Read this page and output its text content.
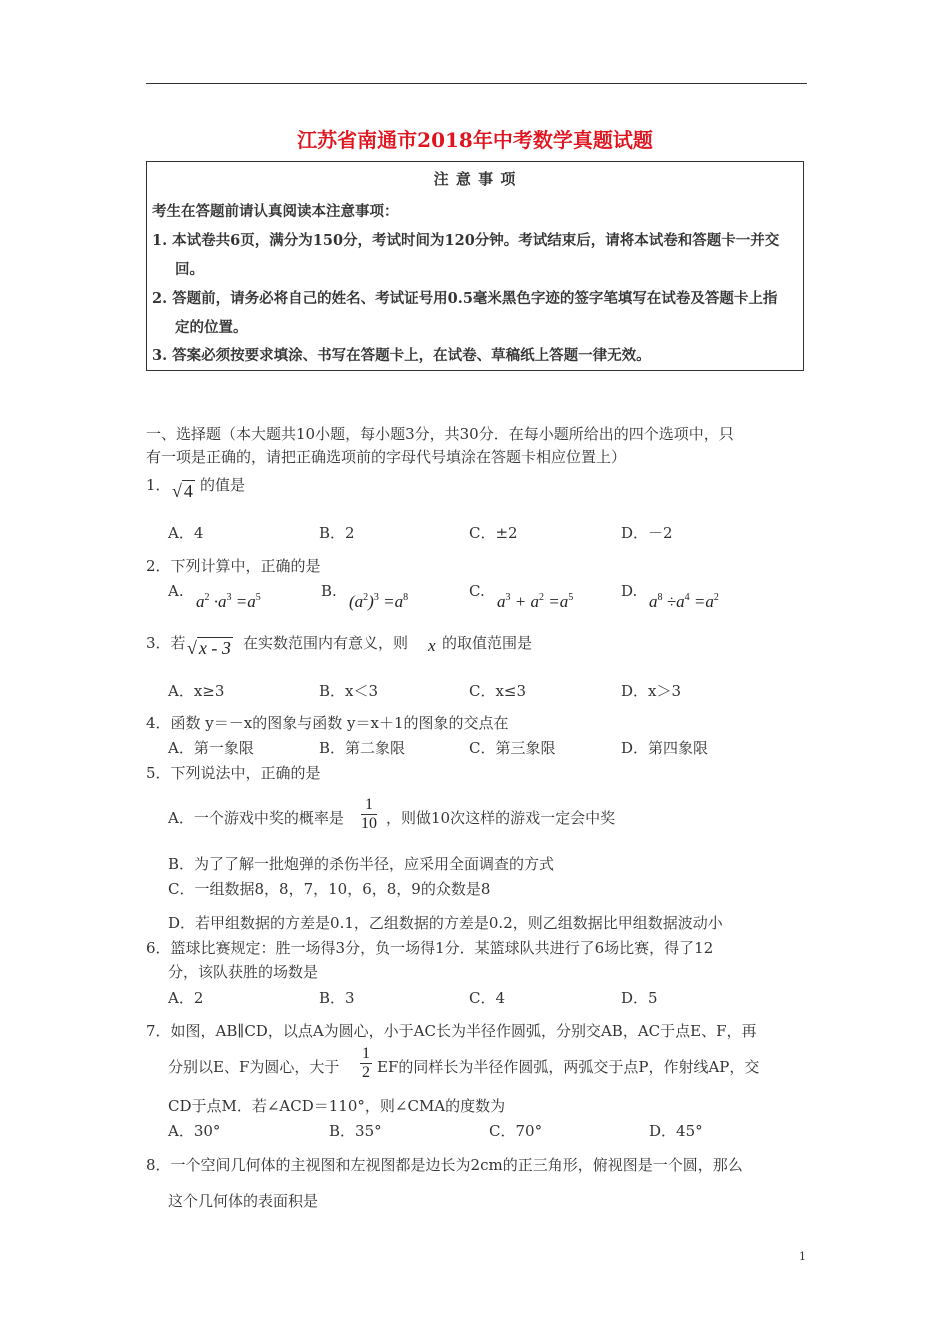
江苏省南通市2018年中考数学真题试题
注 意 事 项
考生在答题前请认真阅读本注意事项：
1. 本试卷共6页，满分为150分，考试时间为120分钟。考试结束后，请将本试卷和答题卡一并交
回。
2. 答题前，请务必将自己的姓名、考试证号用0.5毫米黑色字迹的签字笔填写在试卷及答题卡上指
定的位置。
3. 答案必须按要求填涂、书写在答题卡上，在试卷、草稿纸上答题一律无效。
一、选择题（本大题共10小题，每小题3分，共30分．在每小题所给出的四个选项中，只
有一项是正确的，请把正确选项前的字母代号填涂在答题卡相应位置上）
1． √ 4 的值是
A．4	B．2	C．±2	D．－2
2．下列计算中，正确的是
A.
$a^2 \cdot a^3 =a^5$	B.
$(a^2)^3 =a^8$	C.
$a^3 + a^2 =a^5$	D.
$a^8 \div a^4 =a^2$
3．若 √ x - 3 在实数范围内有意义，则 x 的取值范围是
A．x≥3	B．x＜3	C．x≤3	D．x＞3
4．函数 y＝－x的图象与函数 y＝x＋1的图象的交点在
A．第一象限	B．第二象限	C．第三象限	D．第四象限
5．下列说法中，正确的是
A．一个游戏中奖的概率是 $\frac{1}{10}$ ，则做10次这样的游戏一定会中奖
B．为了了解一批炮弹的杀伤半径，应采用全面调查的方式
C．一组数据8，8，7，10，6，8，9的众数是8
D．若甲组数据的方差是0.1，乙组数据的方差是0.2，则乙组数据比甲组数据波动小
6．篮球比赛规定：胜一场得3分，负一场得1分．某篮球队共进行了6场比赛，得了12
分，该队获胜的场数是
A．2	B．3	C．4	D．5
7．如图，AB∥CD，以点A为圆心，小于AC长为半径作圆弧，分别交AB，AC于点E、F，再
分别以E、F为圆心，大于 $\frac{1}{2}$ EF的同样长为半径作圆弧，两弧交于点P，作射线AP，交
CD于点M．若∠ACD＝110°，则∠CMA的度数为
A．30°	B．35°	C．70°	D．45°
8．一个空间几何体的主视图和左视图都是边长为2cm的正三角形，俯视图是一个圆，那么
这个几何体的表面积是
1
